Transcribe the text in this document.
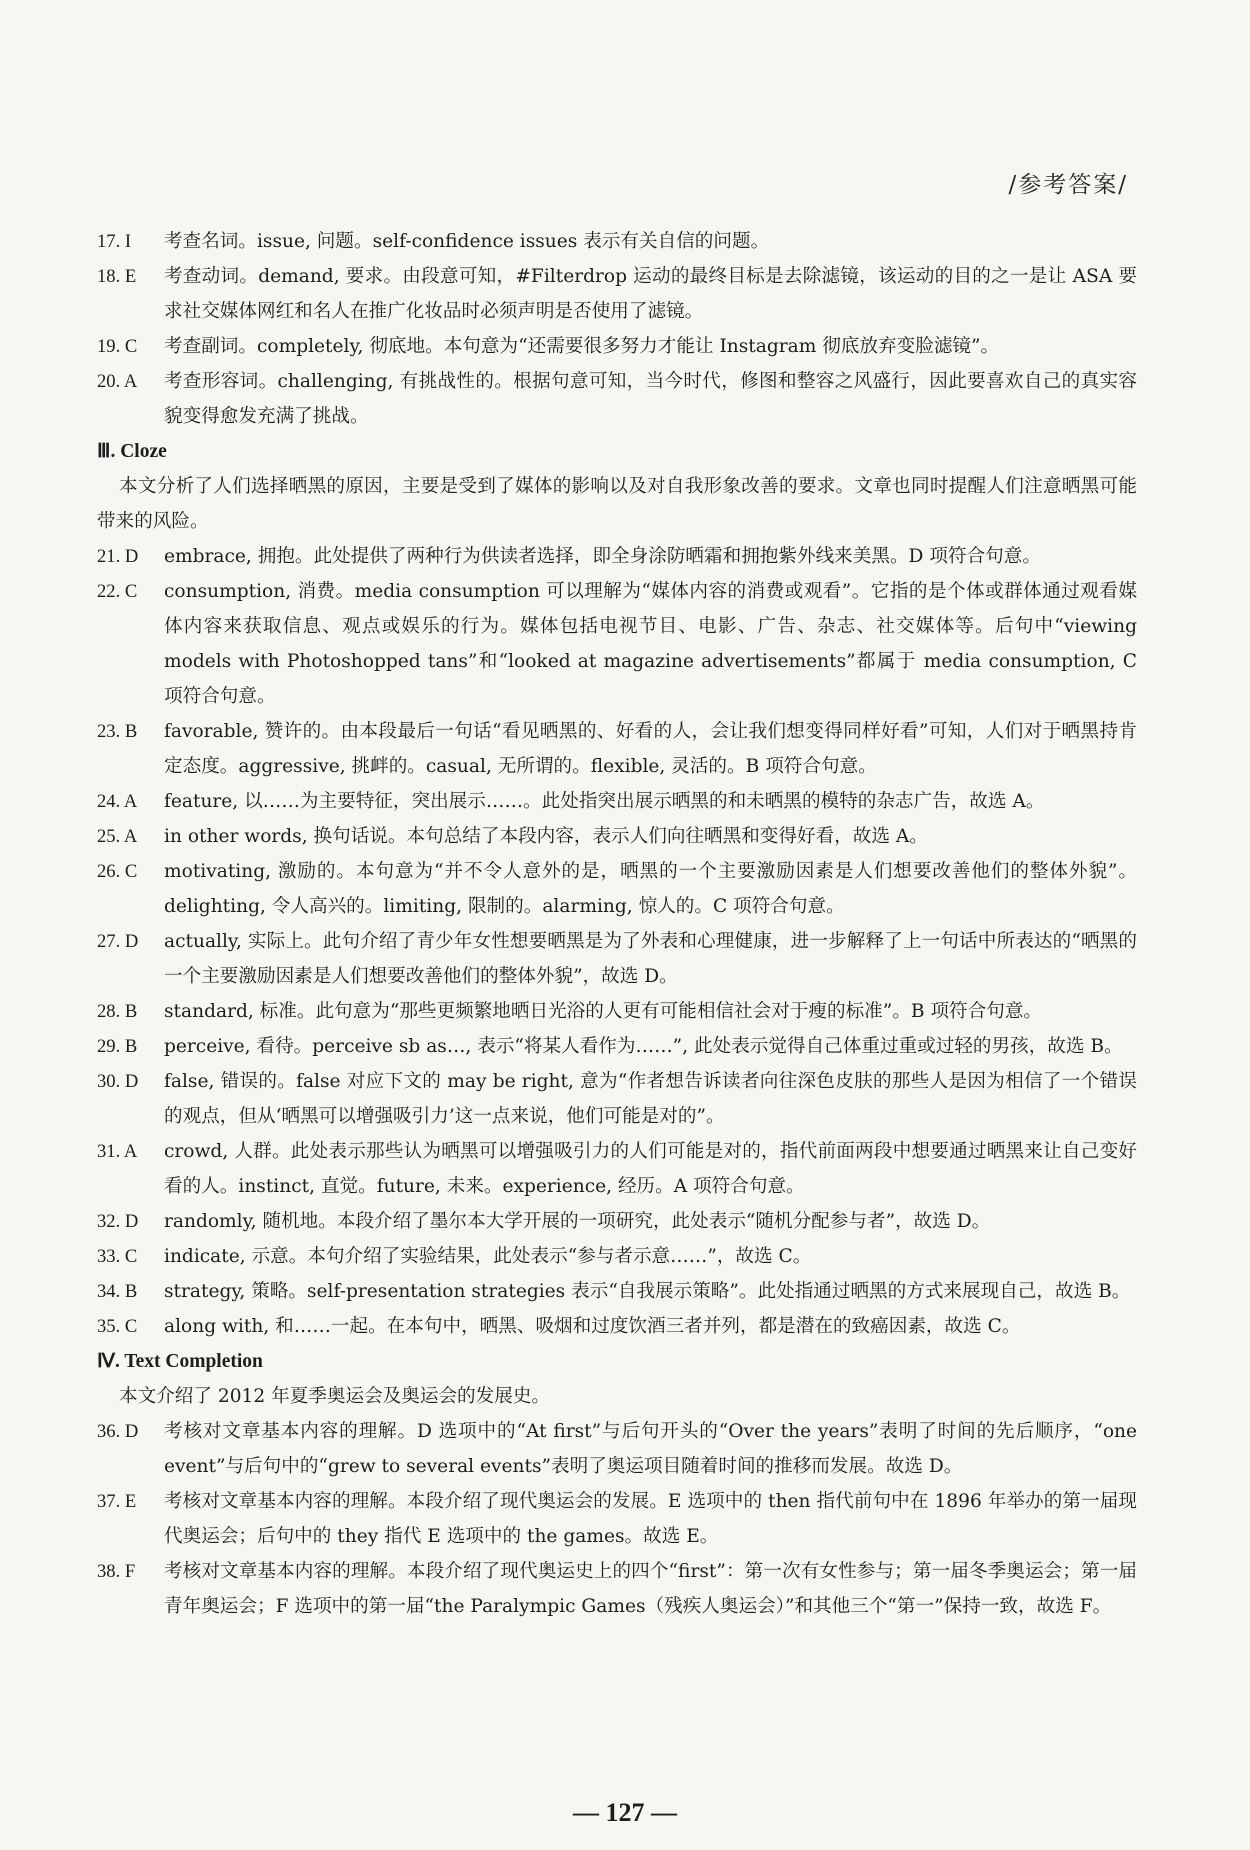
/参考答案/
17. I	考查名词。issue, 问题。self-confidence issues 表示有关自信的问题。
18. E	考查动词。demand, 要求。由段意可知，#Filterdrop 运动的最终目标是去除滤镜，该运动的目的之一是让 ASA 要求社交媒体网红和名人在推广化妆品时必须声明是否使用了滤镜。
19. C	考查副词。completely, 彻底地。本句意为“还需要很多努力才能让 Instagram 彻底放弃变脸滤镜”。
20. A	考查形容词。challenging, 有挑战性的。根据句意可知，当今时代，修图和整容之风盛行，因此要喜欢自己的真实容貌变得愈发充满了挑战。
Ⅲ. Cloze
本文分析了人们选择晒黑的原因，主要是受到了媒体的影响以及对自我形象改善的要求。文章也同时提醒人们注意晒黑可能带来的风险。
21. D	embrace, 拥抱。此处提供了两种行为供读者选择，即全身涂防晒霜和拥抱紫外线来美黑。D 项符合句意。
22. C	consumption, 消费。media consumption 可以理解为“媒体内容的消费或观看”。它指的是个体或群体通过观看媒体内容来获取信息、观点或娱乐的行为。媒体包括电视节目、电影、广告、杂志、社交媒体等。后句中“viewing models with Photoshopped tans”和“looked at magazine advertisements”都属于 media consumption, C 项符合句意。
23. B	favorable, 赞许的。由本段最后一句话“看见晒黑的、好看的人，会让我们想变得同样好看”可知，人们对于晒黑持肯定态度。aggressive, 挑衅的。casual, 无所谓的。flexible, 灵活的。B 项符合句意。
24. A	feature, 以……为主要特征，突出展示……。此处指突出展示晒黑的和未晒黑的模特的杂志广告，故选 A。
25. A	in other words, 换句话说。本句总结了本段内容，表示人们向往晒黑和变得好看，故选 A。
26. C	motivating, 激励的。本句意为“并不令人意外的是，晒黑的一个主要激励因素是人们想要改善他们的整体外貌”。delighting, 令人高兴的。limiting, 限制的。alarming, 惊人的。C 项符合句意。
27. D	actually, 实际上。此句介绍了青少年女性想要晒黑是为了外表和心理健康，进一步解释了上一句话中所表达的“晒黑的一个主要激励因素是人们想要改善他们的整体外貌”，故选 D。
28. B	standard, 标准。此句意为“那些更频繁地晒日光浴的人更有可能相信社会对于瘦的标准”。B 项符合句意。
29. B	perceive, 看待。perceive sb as…, 表示“将某人看作为……”, 此处表示觉得自己体重过重或过轻的男孩，故选 B。
30. D	false, 错误的。false 对应下文的 may be right, 意为“作者想告诉读者向往深色皮肤的那些人是因为相信了一个错误的观点，但从‘晒黑可以增强吸引力’这一点来说，他们可能是对的”。
31. A	crowd, 人群。此处表示那些认为晒黑可以增强吸引力的人们可能是对的，指代前面两段中想要通过晒黑来让自己变好看的人。instinct, 直觉。future, 未来。experience, 经历。A 项符合句意。
32. D	randomly, 随机地。本段介绍了墨尔本大学开展的一项研究，此处表示“随机分配参与者”，故选 D。
33. C	indicate, 示意。本句介绍了实验结果，此处表示“参与者示意……”，故选 C。
34. B	strategy, 策略。self-presentation strategies 表示“自我展示策略”。此处指通过晒黑的方式来展现自己，故选 B。
35. C	along with, 和……一起。在本句中，晒黑、吸烟和过度饮酒三者并列，都是潜在的致癌因素，故选 C。
Ⅳ. Text Completion
本文介绍了 2012 年夏季奥运会及奥运会的发展史。
36. D	考核对文章基本内容的理解。D 选项中的“At first”与后句开头的“Over the years”表明了时间的先后顺序，“one event”与后句中的“grew to several events”表明了奥运项目随着时间的推移而发展。故选 D。
37. E	考核对文章基本内容的理解。本段介绍了现代奥运会的发展。E 选项中的 then 指代前句中在 1896 年举办的第一届现代奥运会；后句中的 they 指代 E 选项中的 the games。故选 E。
38. F	考核对文章基本内容的理解。本段介绍了现代奥运史上的四个“first”：第一次有女性参与；第一届冬季奥运会；第一届青年奥运会；F 选项中的第一届“the Paralympic Games（残疾人奥运会）”和其他三个“第一”保持一致，故选 F。
— 127 —
